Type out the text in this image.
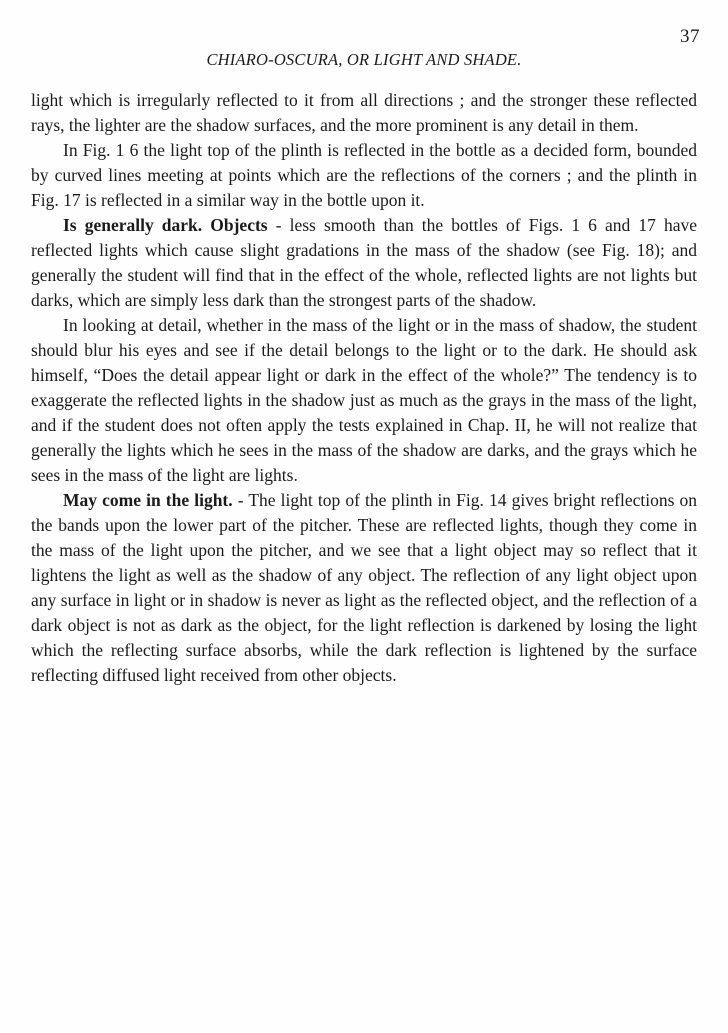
37
CHIARO-OSCURA, OR LIGHT AND SHADE.

light which is irregularly reflected to it from all directions ; and the stronger these reflected rays, the lighter are the shadow surfaces, and the more prominent is any detail in them.

In Fig. 1 6 the light top of the plinth is reflected in the bottle as a decided form, bounded by curved lines meeting at points which are the reflections of the corners ; and the plinth in Fig. 17 is reflected in a similar way in the bottle upon it.

Is generally dark. Objects - less smooth than the bottles of Figs. 1 6 and 17 have reflected lights which cause slight gradations in the mass of the shadow (see Fig. 18); and generally the student will find that in the effect of the whole, reflected lights are not lights but darks, which are simply less dark than the strongest parts of the shadow.

In looking at detail, whether in the mass of the light or in the mass of shadow, the student should blur his eyes and see if the detail belongs to the light or to the dark. He should ask himself, “Does the detail appear light or dark in the effect of the whole?” The tendency is to exaggerate the reflected lights in the shadow just as much as the grays in the mass of the light, and if the student does not often apply the tests explained in Chap. II, he will not realize that generally the lights which he sees in the mass of the shadow are darks, and the grays which he sees in the mass of the light are lights.

May come in the light. - The light top of the plinth in Fig. 14 gives bright reflections on the bands upon the lower part of the pitcher. These are reflected lights, though they come in the mass of the light upon the pitcher, and we see that a light object may so reflect that it lightens the light as well as the shadow of any object. The reflection of any light object upon any surface in light or in shadow is never as light as the reflected object, and the reflection of a dark object is not as dark as the object, for the light reflection is darkened by losing the light which the reflecting surface absorbs, while the dark reflection is lightened by the surface reflecting diffused light received from other objects.
